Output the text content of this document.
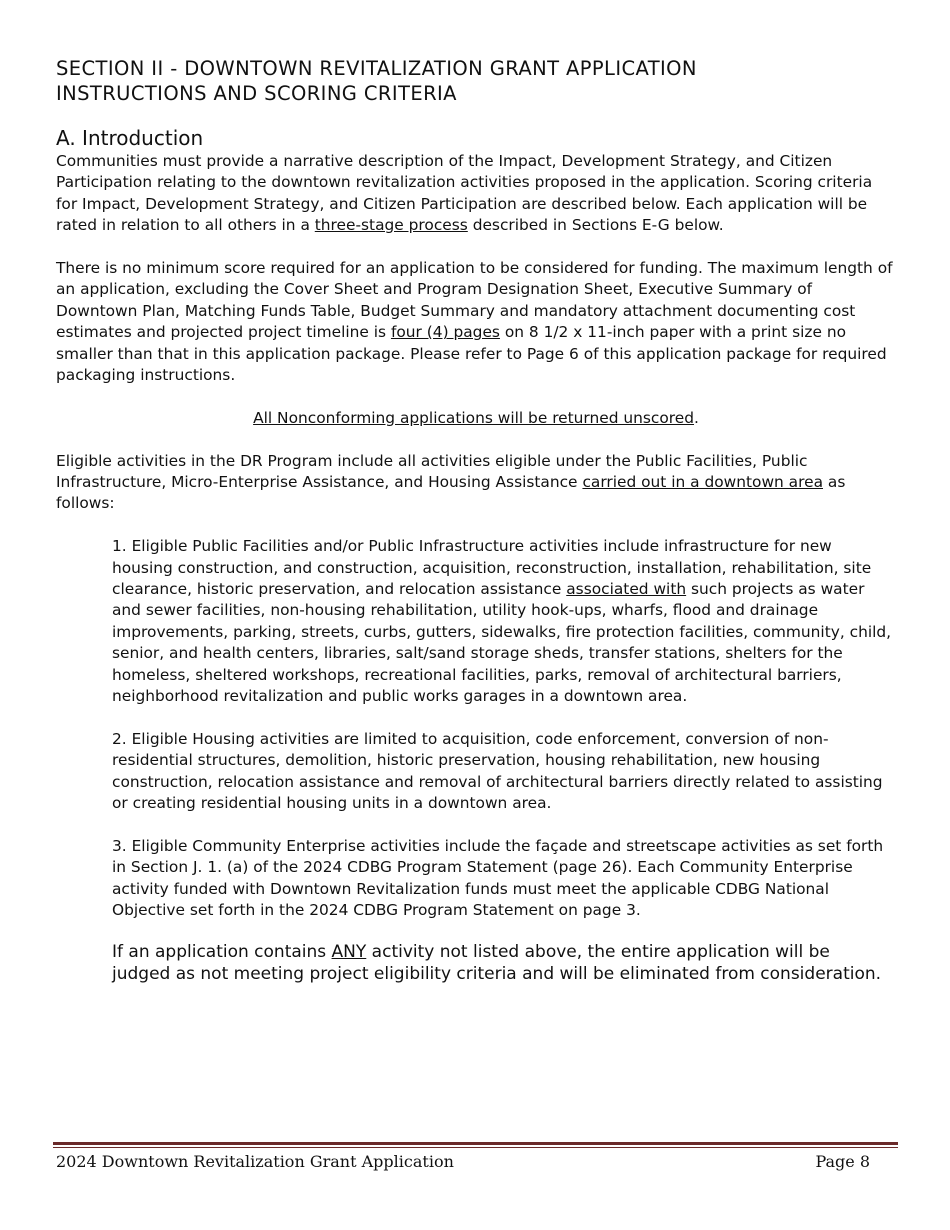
SECTION II - DOWNTOWN REVITALIZATION GRANT APPLICATION
INSTRUCTIONS AND SCORING CRITERIA
A. Introduction

Communities must provide a narrative description of the Impact, Development Strategy, and Citizen Participation relating to the downtown revitalization activities proposed in the application. Scoring criteria for Impact, Development Strategy, and Citizen Participation are described below. Each application will be rated in relation to all others in a three-stage process described in Sections E-G below.

There is no minimum score required for an application to be considered for funding. The maximum length of an application, excluding the Cover Sheet and Program Designation Sheet, Executive Summary of Downtown Plan, Matching Funds Table, Budget Summary and mandatory attachment documenting cost estimates and projected project timeline is four (4) pages on 8 1/2 x 11-inch paper with a print size no smaller than that in this application package. Please refer to Page 6 of this application package for required packaging instructions.

All Nonconforming applications will be returned unscored.

Eligible activities in the DR Program include all activities eligible under the Public Facilities, Public Infrastructure, Micro-Enterprise Assistance, and Housing Assistance carried out in a downtown area as follows:

1. Eligible Public Facilities and/or Public Infrastructure activities include infrastructure for new housing construction, and construction, acquisition, reconstruction, installation, rehabilitation, site clearance, historic preservation, and relocation assistance associated with such projects as water and sewer facilities, non-housing rehabilitation, utility hook-ups, wharfs, flood and drainage improvements, parking, streets, curbs, gutters, sidewalks, fire protection facilities, community, child, senior, and health centers, libraries, salt/sand storage sheds, transfer stations, shelters for the homeless, sheltered workshops, recreational facilities, parks, removal of architectural barriers, neighborhood revitalization and public works garages in a downtown area.

2. Eligible Housing activities are limited to acquisition, code enforcement, conversion of non-residential structures, demolition, historic preservation, housing rehabilitation, new housing construction, relocation assistance and removal of architectural barriers directly related to assisting or creating residential housing units in a downtown area.

3. Eligible Community Enterprise activities include the façade and streetscape activities as set forth in Section J. 1. (a) of the 2024 CDBG Program Statement (page 26). Each Community Enterprise activity funded with Downtown Revitalization funds must meet the applicable CDBG National Objective set forth in the 2024 CDBG Program Statement on page 3.

If an application contains ANY activity not listed above, the entire application will be judged as not meeting project eligibility criteria and will be eliminated from consideration.

2024 Downtown Revitalization Grant Application	Page 8
